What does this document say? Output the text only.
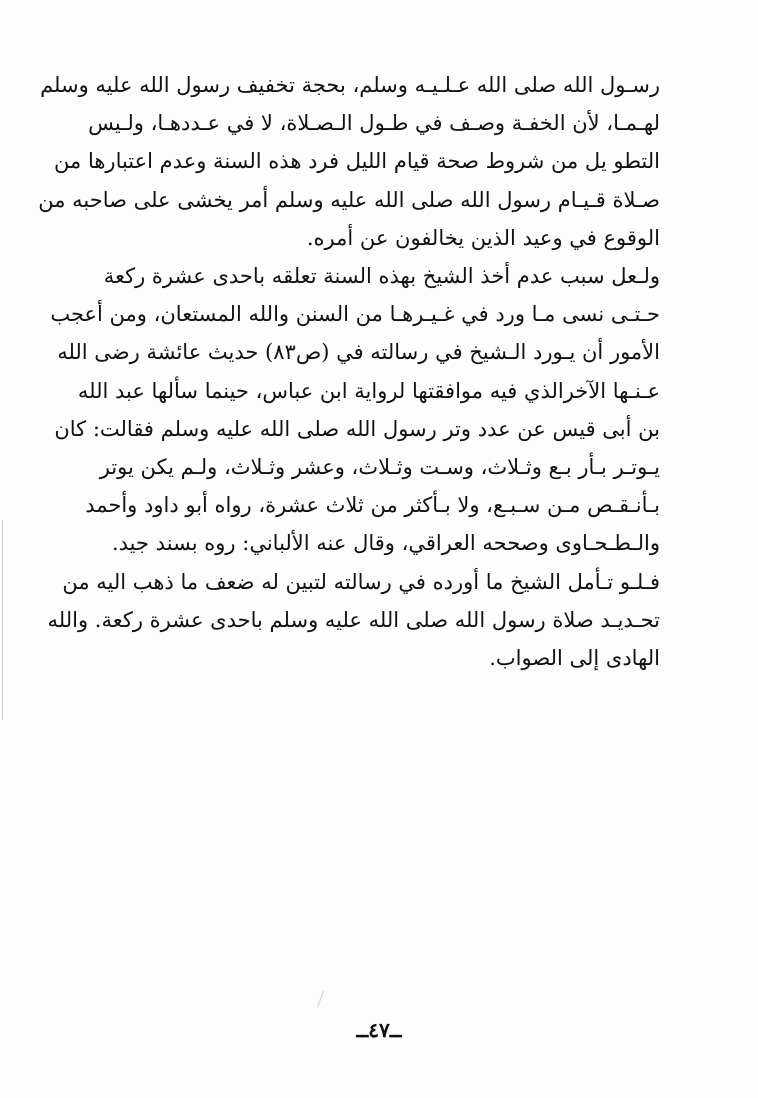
رسـول الله صلى الله عـلـيـه وسلم، بحجة تخفيف رسول الله عليه وسلم
لهـمـا، لأن الخفـة وصـف في طـول الـصـلاة، لا في عـددهـا، ولـيس
التطو يل من شروط صحة قيام الليل فرد هذه السنة وعدم اعتبارها من
صـلاة قـيـام رسول الله صلى الله عليه وسلم أمر يخشى على صاحبه من
الوقوع في وعيد الذين يخالفون عن أمره.
ولـعل سبب عدم أخذ الشيخ بهذه السنة تعلقه باحدى عشرة ركعة
حـتـى نسى مـا ورد في غـيـرهـا من السنن والله المستعان، ومن أعجب
الأمور أن يـورد الـشيخ في رسالته في (ص٨٣) حديث عائشة رضى الله
عـنـها الآخرالذي فيه موافقتها لرواية ابن عباس، حينما سألها عبد الله
بن أبى قيس عن عدد وتر رسول الله صلى الله عليه وسلم فقالت: كان
يـوتـر بـأر بـع وثـلاث، وسـت وثـلاث، وعشر وثـلاث، ولـم يكن يوتر
بـأنـقـص مـن سـبـع، ولا بـأكثر من ثلاث عشرة، رواه أبو داود وأحمد
والـطـحـاوى وصححه العراقي، وقال عنه الألباني: روه بسند جيد.
فـلـو تـأمل الشيخ ما أورده في رسالته لتبين له ضعف ما ذهب اليه من
تحـديـد صلاة رسول الله صلى الله عليه وسلم باحدى عشرة ركعة. والله
الهادى إلى الصواب.
ــ٤٧ــ
